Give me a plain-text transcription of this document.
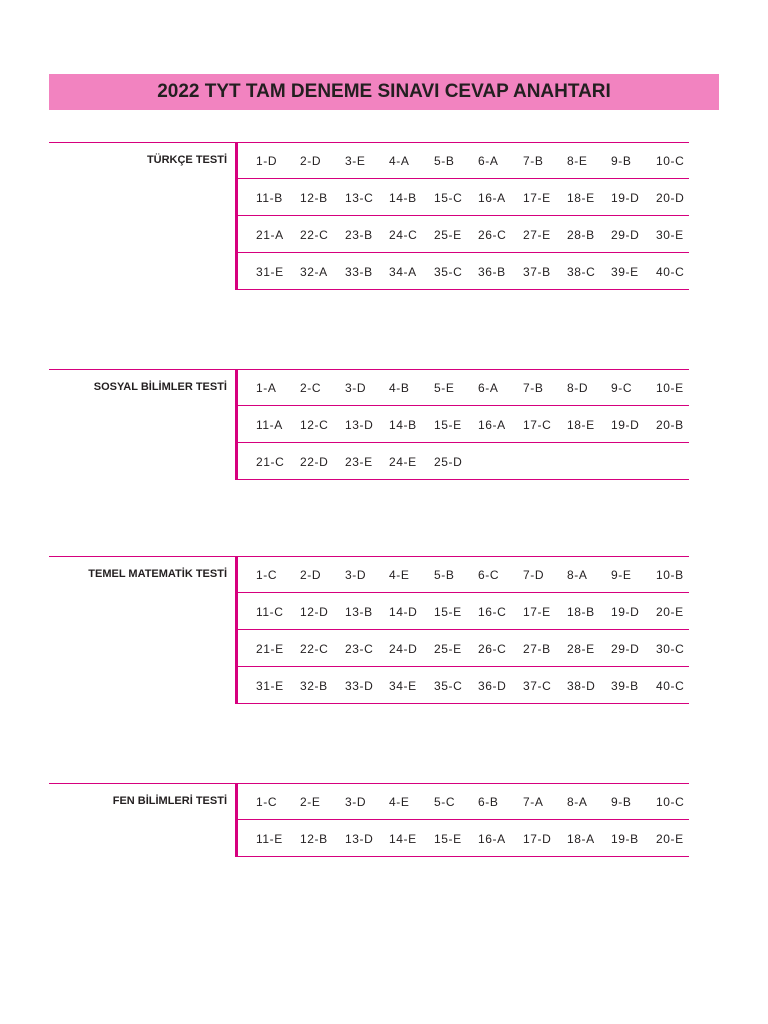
2022 TYT TAM DENEME SINAVI CEVAP ANAHTARI
TÜRKÇE TESTİ 1-D 2-D 3-E 4-A 5-B 6-A 7-B 8-E 9-B 10-C
11-B 12-B 13-C 14-B 15-C 16-A 17-E 18-E 19-D 20-D
21-A 22-C 23-B 24-C 25-E 26-C 27-E 28-B 29-D 30-E
31-E 32-A 33-B 34-A 35-C 36-B 37-B 38-C 39-E 40-C
SOSYAL BİLİMLER TESTİ 1-A 2-C 3-D 4-B 5-E 6-A 7-B 8-D 9-C 10-E
11-A 12-C 13-D 14-B 15-E 16-A 17-C 18-E 19-D 20-B
21-C 22-D 23-E 24-E 25-D
TEMEL MATEMATİK TESTİ 1-C 2-D 3-D 4-E 5-B 6-C 7-D 8-A 9-E 10-B
11-C 12-D 13-B 14-D 15-E 16-C 17-E 18-B 19-D 20-E
21-E 22-C 23-C 24-D 25-E 26-C 27-B 28-E 29-D 30-C
31-E 32-B 33-D 34-E 35-C 36-D 37-C 38-D 39-B 40-C
FEN BİLİMLERİ TESTİ 1-C 2-E 3-D 4-E 5-C 6-B 7-A 8-A 9-B 10-C
11-E 12-B 13-D 14-E 15-E 16-A 17-D 18-A 19-B 20-E
